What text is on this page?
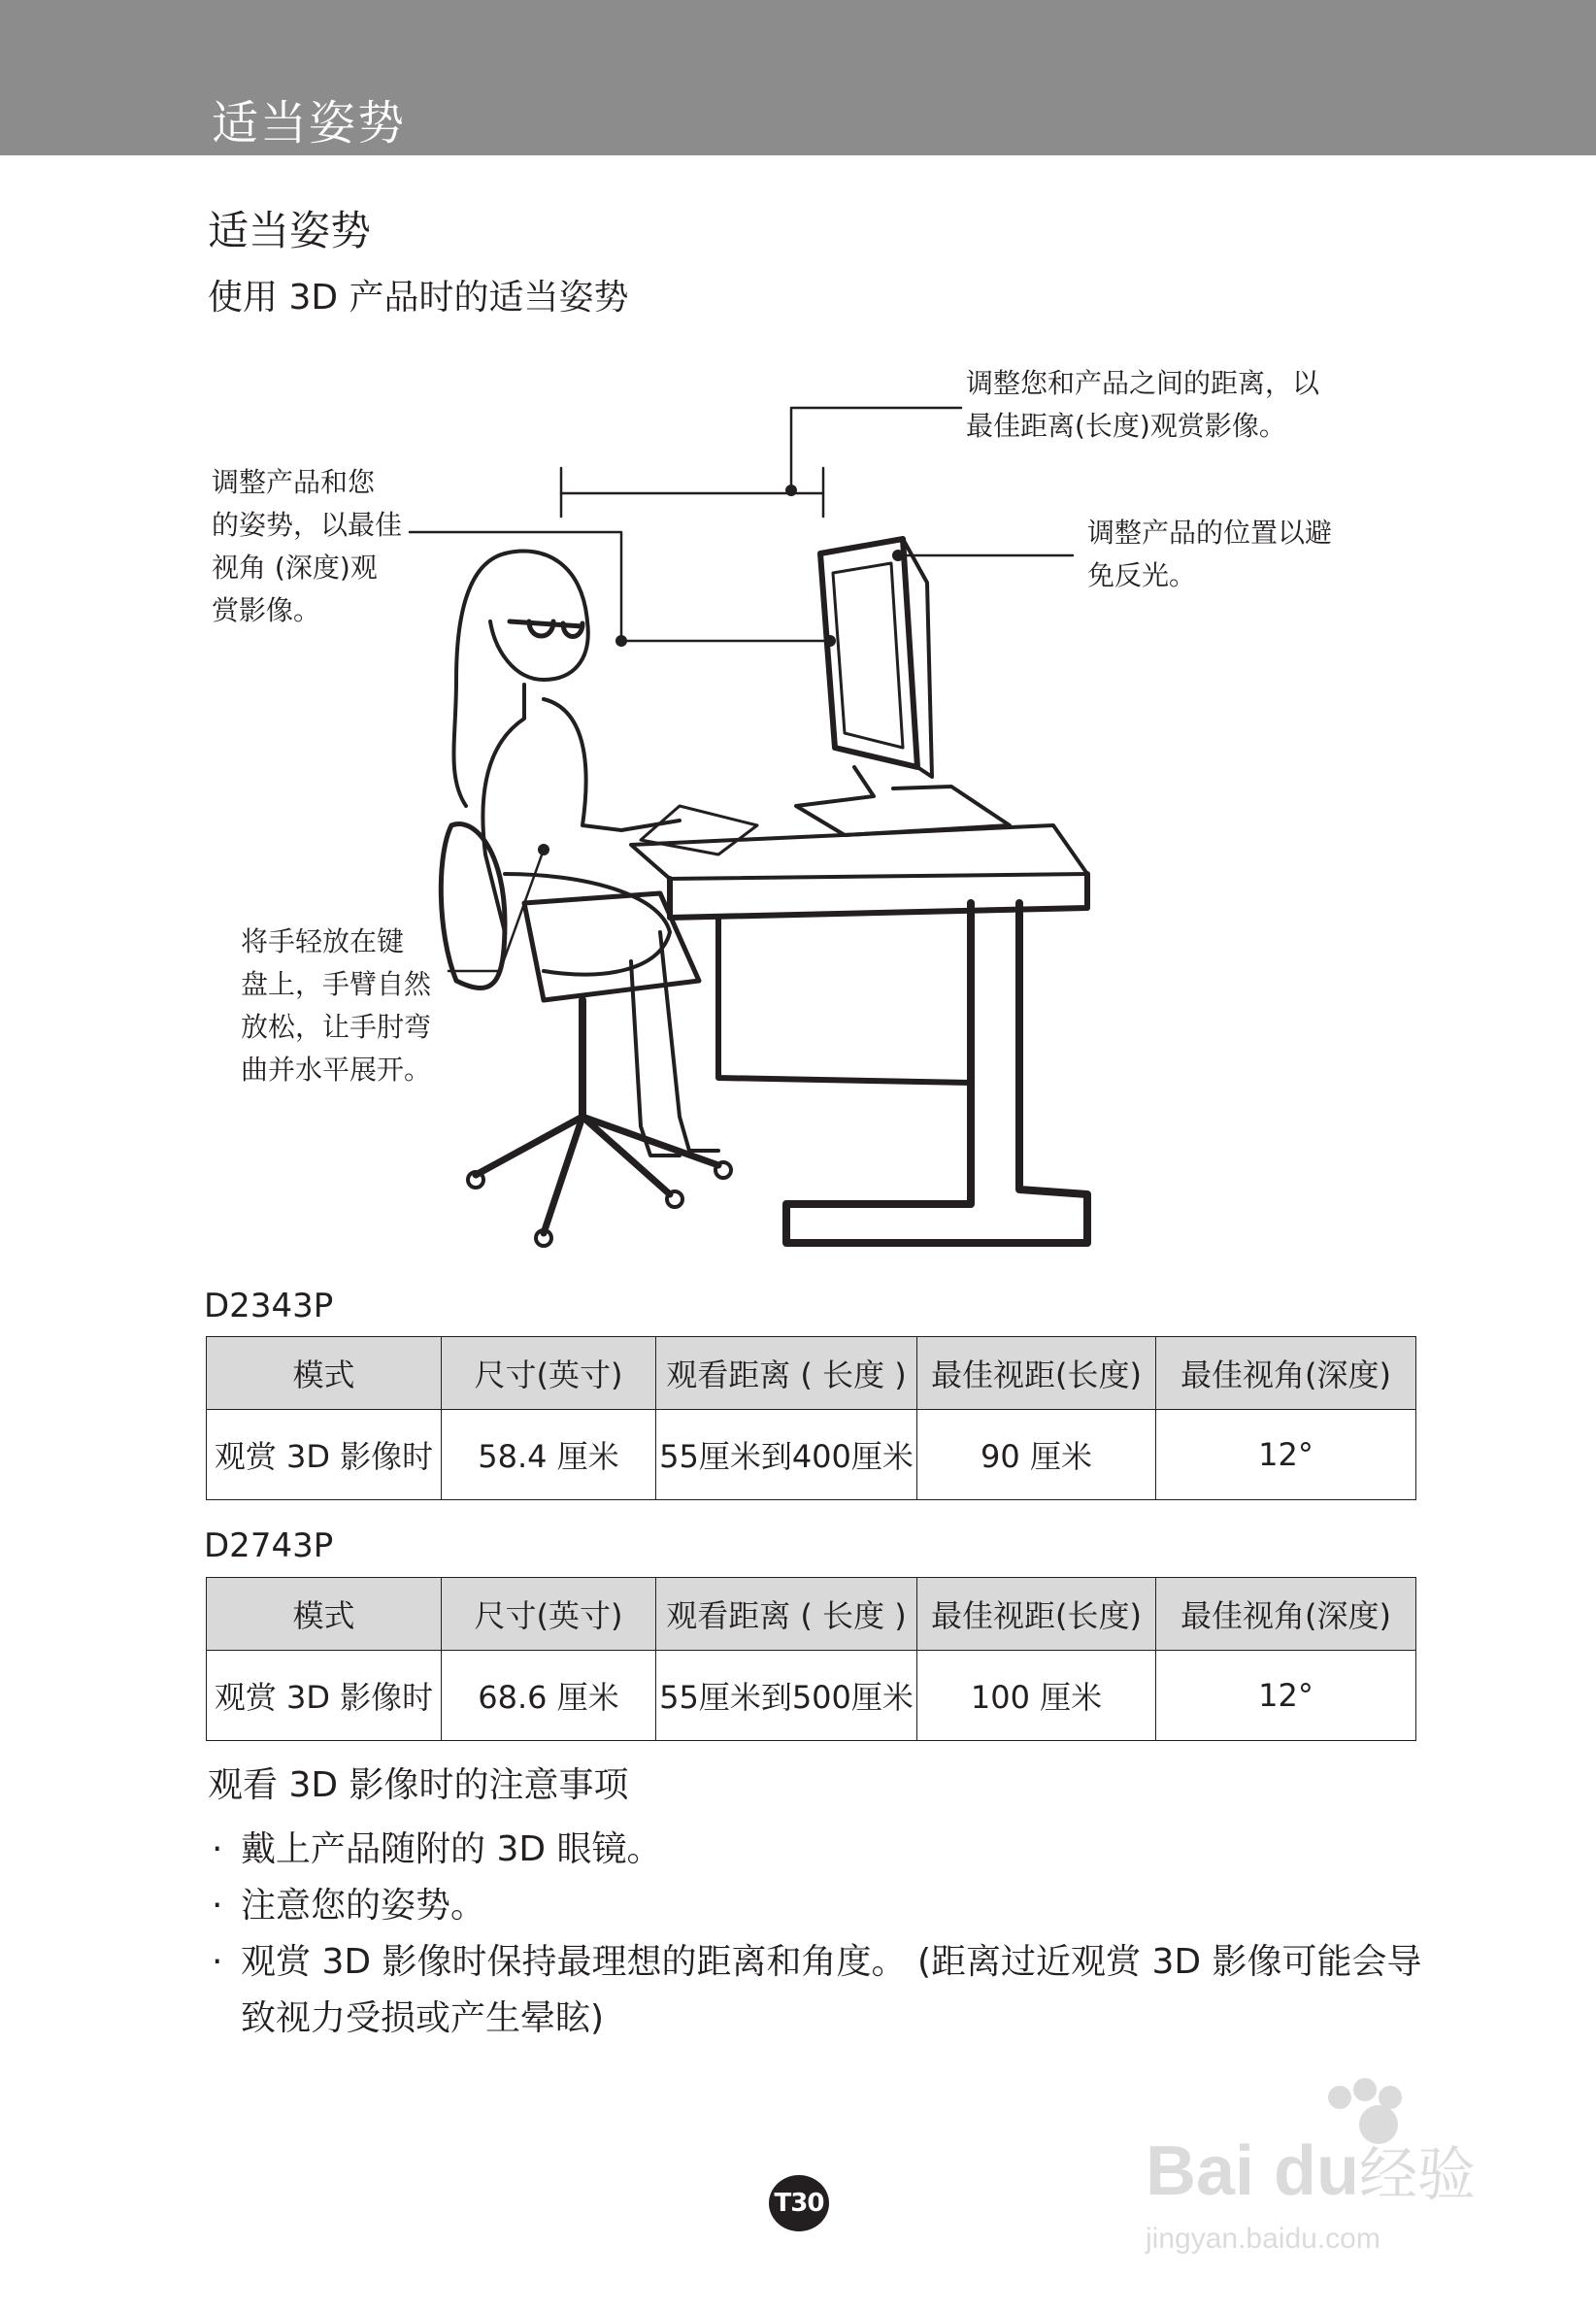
适当姿势
适当姿势
使用 3D 产品时的适当姿势
调整您和产品之间的距离，以
最佳距离(长度)观赏影像。
调整产品和您
的姿势，以最佳
视角 (深度)观
赏影像。
调整产品的位置以避
免反光。
将手轻放在键
盘上，手臂自然
放松，让手肘弯
曲并水平展开。
D2343P
模式	尺寸(英寸)	观看距离 ( 长度 )	最佳视距(长度)	最佳视角(深度)
观赏 3D 影像时	58.4 厘米	55厘米到400厘米	90 厘米	12°
D2743P
模式	尺寸(英寸)	观看距离 ( 长度 )	最佳视距(长度)	最佳视角(深度)
观赏 3D 影像时	68.6 厘米	55厘米到500厘米	100 厘米	12°
观看 3D 影像时的注意事项
· 戴上产品随附的 3D 眼镜。
· 注意您的姿势。
· 观赏 3D 影像时保持最理想的距离和角度。 (距离过近观赏 3D 影像可能会导致视力受损或产生晕眩)
T30	Bai du 经验
jingyan.baidu.com
